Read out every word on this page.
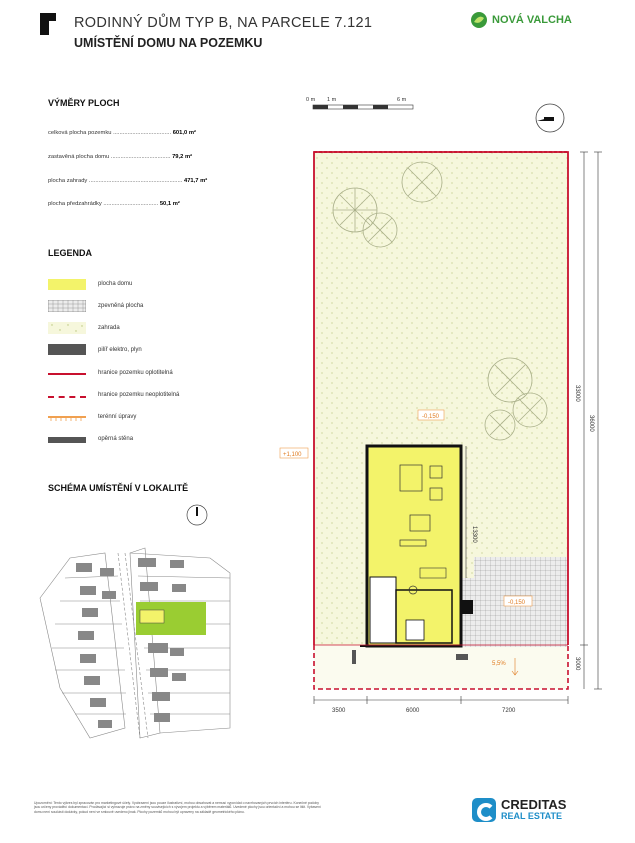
RODINNÝ DŮM TYP B, NA PARCELE 7.121
UMÍSTĚNÍ DOMU NA POZEMKU
NOVÁ VALCHA
VÝMĚRY PLOCH
celková plocha pozemku .................................... 601,0 m²
zastavěná plocha domu ..................................... 79,2 m²
plocha zahrady .......................................................... 471,7 m²
plocha předzahrádky .................................. 50,1 m²
LEGENDA
plocha domu
zpevněná plocha
zahrada
pilíř elektro, plyn
hranice pozemku oplotitelná
hranice pozemku neoplotitelná
terénní úpravy
opěrná stěna
SCHÉMA UMÍSTĚNÍ V LOKALITĚ
0 m 1 m	6 m
-0,150
+1,100
-0,150
5,5%
13300
33000
36000
3000
3500	6000	7200
Upozornění: Tento výkres byl zpracován pro marketingové účely. Vyobrazení jsou pouze ilustrativní, mohou obsahovat a nemusí vypovídat o navrhovaných prvcích interiéru. Konečné podoby jsou určeny prováděcí dokumentací. Prodávající si vyhrazuje právo na změny souvisejících s vývojem projektu a výběrem materiálů. Uvedené plochy jsou orientační a mohou se lišit. Vybavení domu není součástí dodávky, pokud není ve smlouvě uvedeno jinak. Plochy pozemků mohou být upraveny na základě geometrického plánu.	CREDITAS
REAL ESTATE
